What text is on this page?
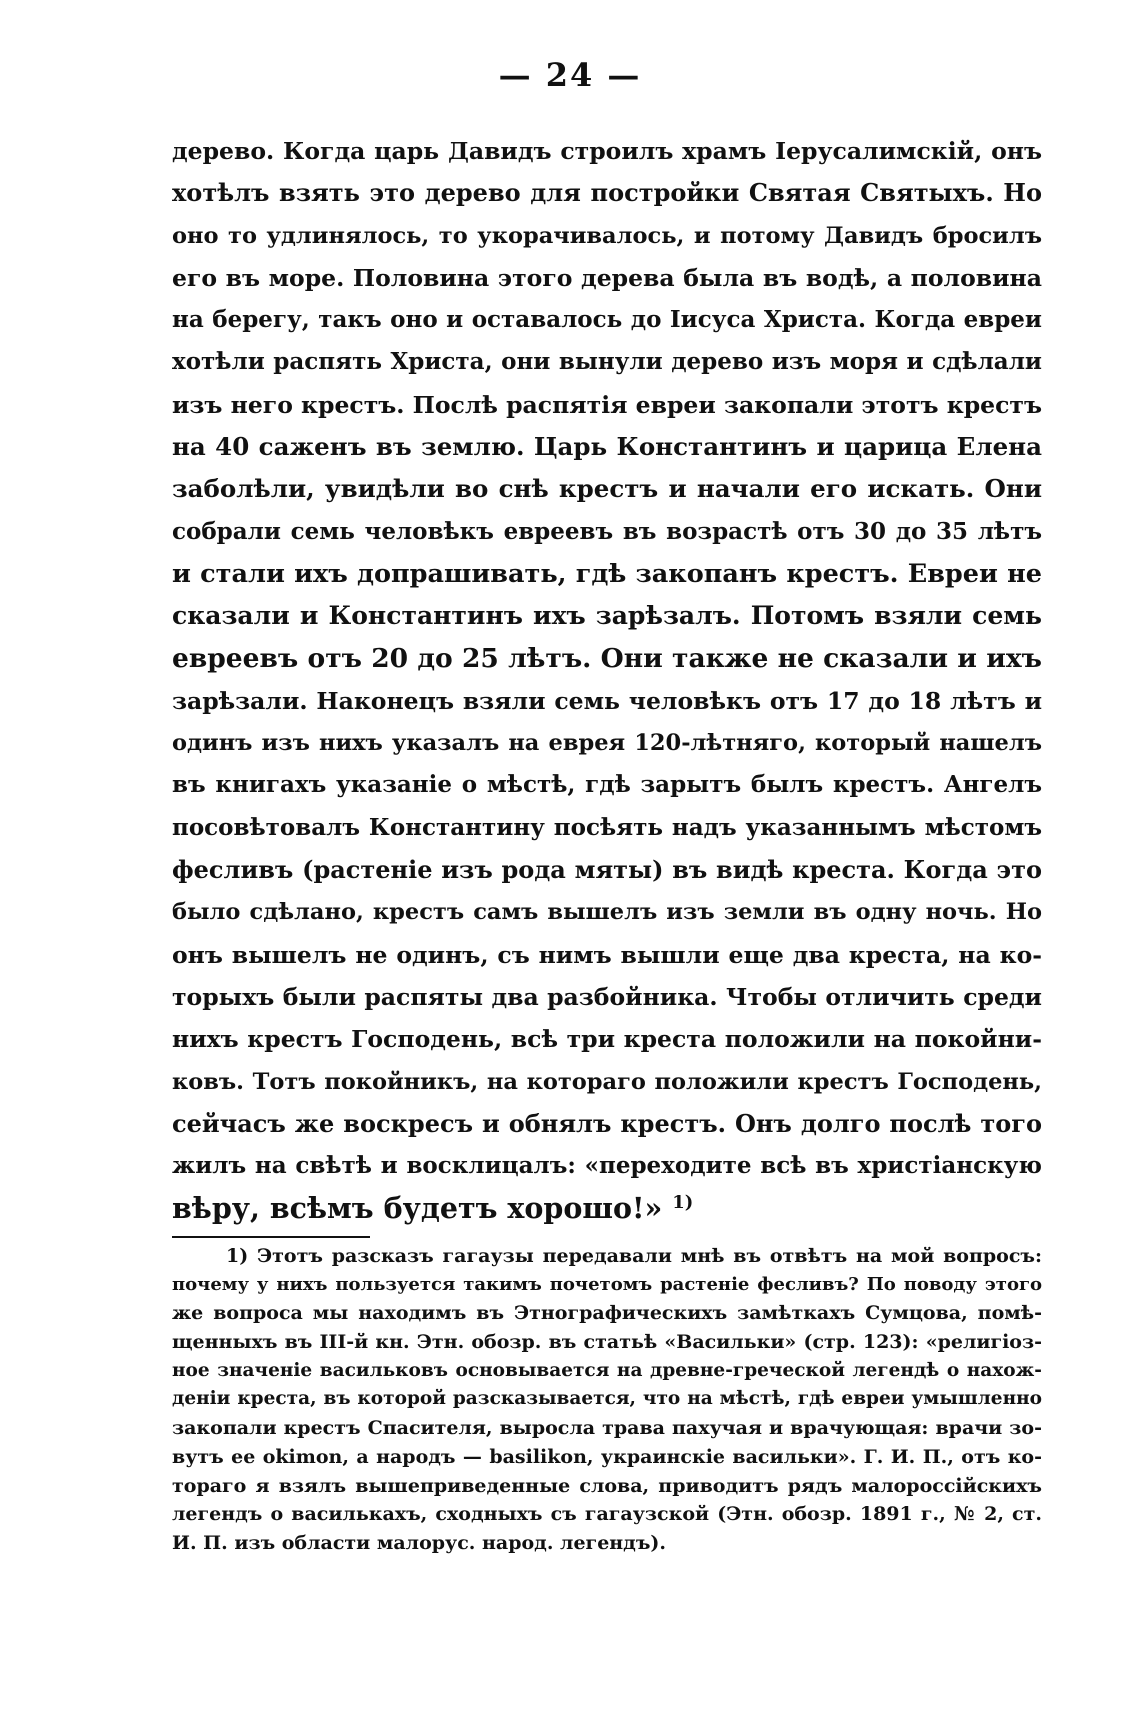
— 24 —
дерево. Когда царь Давидъ строилъ храмъ Іерусалимскій, онъ
хотѣлъ взять это дерево для постройки Святая Святыхъ. Но
оно то удлинялось, то укорачивалось, и потому Давидъ бросилъ
его въ море. Половина этого дерева была въ водѣ, а половина
на берегу, такъ оно и оставалось до Іисуса Христа. Когда евреи
хотѣли распять Христа, они вынули дерево изъ моря и сдѣлали
изъ него крестъ. Послѣ распятія евреи закопали этотъ крестъ
на 40 саженъ въ землю. Царь Константинъ и царица Елена
заболѣли, увидѣли во снѣ крестъ и начали его искать. Они
собрали семь человѣкъ евреевъ въ возрастѣ отъ 30 до 35 лѣтъ
и стали ихъ допрашивать, гдѣ закопанъ крестъ. Евреи не
сказали и Константинъ ихъ зарѣзалъ. Потомъ взяли семь
евреевъ отъ 20 до 25 лѣтъ. Они также не сказали и ихъ
зарѣзали. Наконецъ взяли семь человѣкъ отъ 17 до 18 лѣтъ и
одинъ изъ нихъ указалъ на еврея 120-лѣтняго, который нашелъ
въ книгахъ указаніе о мѣстѣ, гдѣ зарытъ былъ крестъ. Ангелъ
посовѣтовалъ Константину посѣять надъ указаннымъ мѣстомъ
фесливъ (растеніе изъ рода мяты) въ видѣ креста. Когда это
было сдѣлано, крестъ самъ вышелъ изъ земли въ одну ночь. Но
онъ вышелъ не одинъ, съ нимъ вышли еще два креста, на ко-
торыхъ были распяты два разбойника. Чтобы отличить среди
нихъ крестъ Господень, всѣ три креста положили на покойни-
ковъ. Тотъ покойникъ, на котораго положили крестъ Господень,
сейчасъ же воскресъ и обнялъ крестъ. Онъ долго послѣ того
жилъ на свѣтѣ и восклицалъ: «переходите всѣ въ христіанскую
вѣру, всѣмъ будетъ хорошо!» $^{1)}$
1) Этотъ разсказъ гагаузы передавали мнѣ въ отвѣтъ на мой вопросъ:
почему у нихъ пользуется такимъ почетомъ растеніе фесливъ? По поводу этого
же вопроса мы находимъ въ Этнографическихъ замѣткахъ Сумцова, помѣ-
щенныхъ въ III-й кн. Этн. обозр. въ статьѣ «Васильки» (стр. 123): «религіоз-
ное значеніе васильковъ основывается на древне-греческой легендѣ о нахож-
деніи креста, въ которой разсказывается, что на мѣстѣ, гдѣ евреи умышленно
закопали крестъ Спасителя, выросла трава пахучая и врачующая: врачи зо-
вутъ ее okimon, а народъ — basilikon, украинскіе васильки». Г. И. П., отъ ко-
тораго я взялъ вышеприведенные слова, приводитъ рядъ малороссійскихъ
легендъ о василькахъ, сходныхъ съ гагаузской (Этн. обозр. 1891 г., № 2, ст.
И. П. изъ области малорус. народ. легендъ).
